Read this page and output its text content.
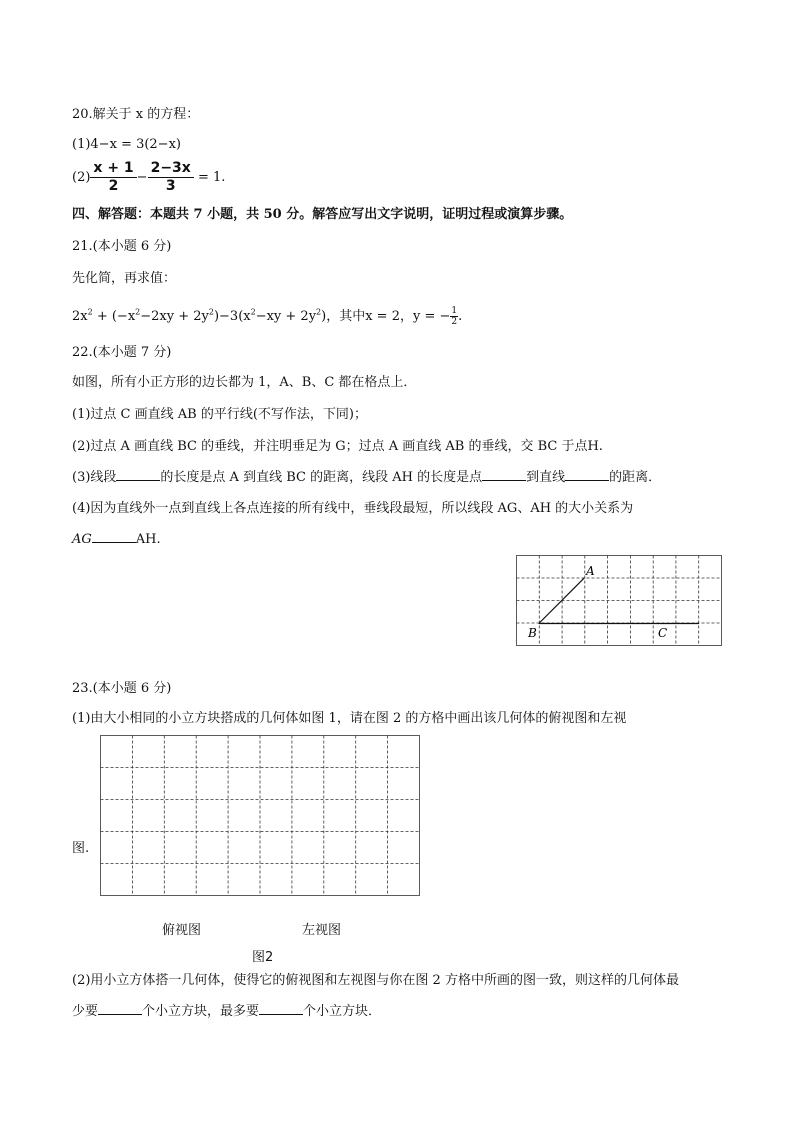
20.解关于 x 的方程：
(1)4−x = 3(2−x)
$(2) \frac{x + 1}{2} - \frac{2-3x}{3} = 1$.
四、解答题：本题共 7 小题，共 50 分。解答应写出文字说明，证明过程或演算步骤。
21.(本小题 6 分)
先化简，再求值：
$2x^2 + (-x^2-2xy + 2y^2)-3(x^2-xy + 2y^2)$，其中x = 2，y = − $\frac{1}{2}$ .
22.(本小题 7 分)
如图，所有小正方形的边长都为 1，A、B、C 都在格点上．
(1)过点 C 画直线 AB 的平行线(不写作法，下同)；
(2)过点 A 画直线 BC 的垂线，并注明垂足为 G；过点 A 画直线 AB 的垂线，交 BC 于点H.
(3)线段	的长度是点 A 到直线 BC 的距离，线段 AH 的长度是点	到直线	的距离．
(4)因为直线外一点到直线上各点连接的所有线中，垂线段最短，所以线段 AG、AH 的大小关系为
AG	AH.
A
B	C
23.(本小题 6 分)
(1)由大小相同的小立方块搭成的几何体如图 1，请在图 2 的方格中画出该几何体的俯视图和左视
图.
俯视图	左视图
图2
(2)用小立方体搭一几何体，使得它的俯视图和左视图与你在图 2 方格中所画的图一致，则这样的几何体最
少要	个小立方块，最多要	个小立方块．
